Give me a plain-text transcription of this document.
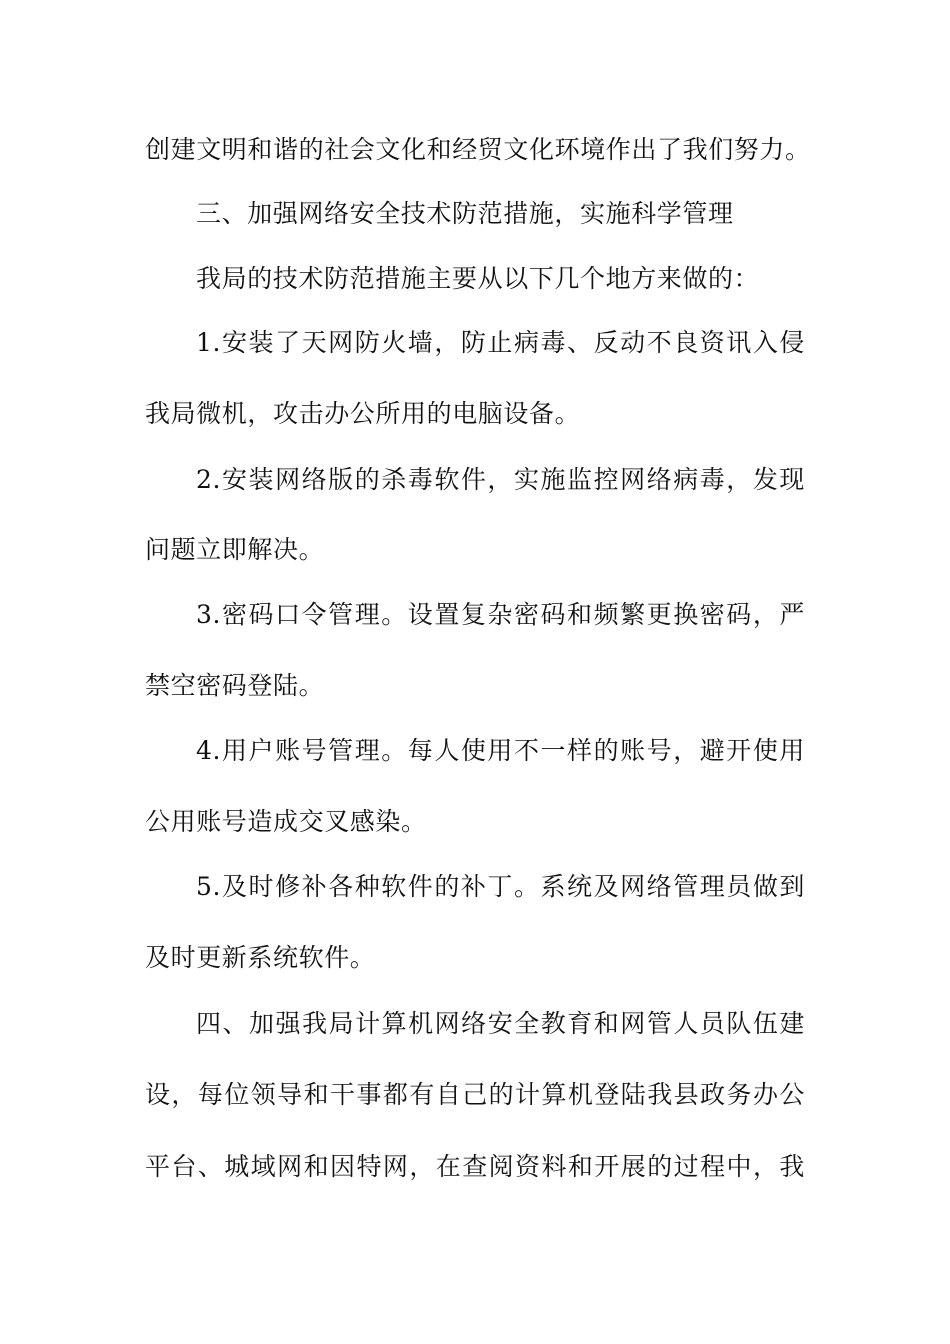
创建文明和谐的社会文化和经贸文化环境作出了我们努力。

三、加强网络安全技术防范措施，实施科学管理

我局的技术防范措施主要从以下几个地方来做的：

1.安装了天网防火墙，防止病毒、反动不良资讯入侵

我局微机，攻击办公所用的电脑设备。

2.安装网络版的杀毒软件，实施监控网络病毒，发现

问题立即解决。

3.密码口令管理。设置复杂密码和频繁更换密码，严

禁空密码登陆。

4.用户账号管理。每人使用不一样的账号，避开使用

公用账号造成交叉感染。

5.及时修补各种软件的补丁。系统及网络管理员做到

及时更新系统软件。

四、加强我局计算机网络安全教育和网管人员队伍建

设，每位领导和干事都有自己的计算机登陆我县政务办公

平台、城域网和因特网，在查阅资料和开展的过程中，我
